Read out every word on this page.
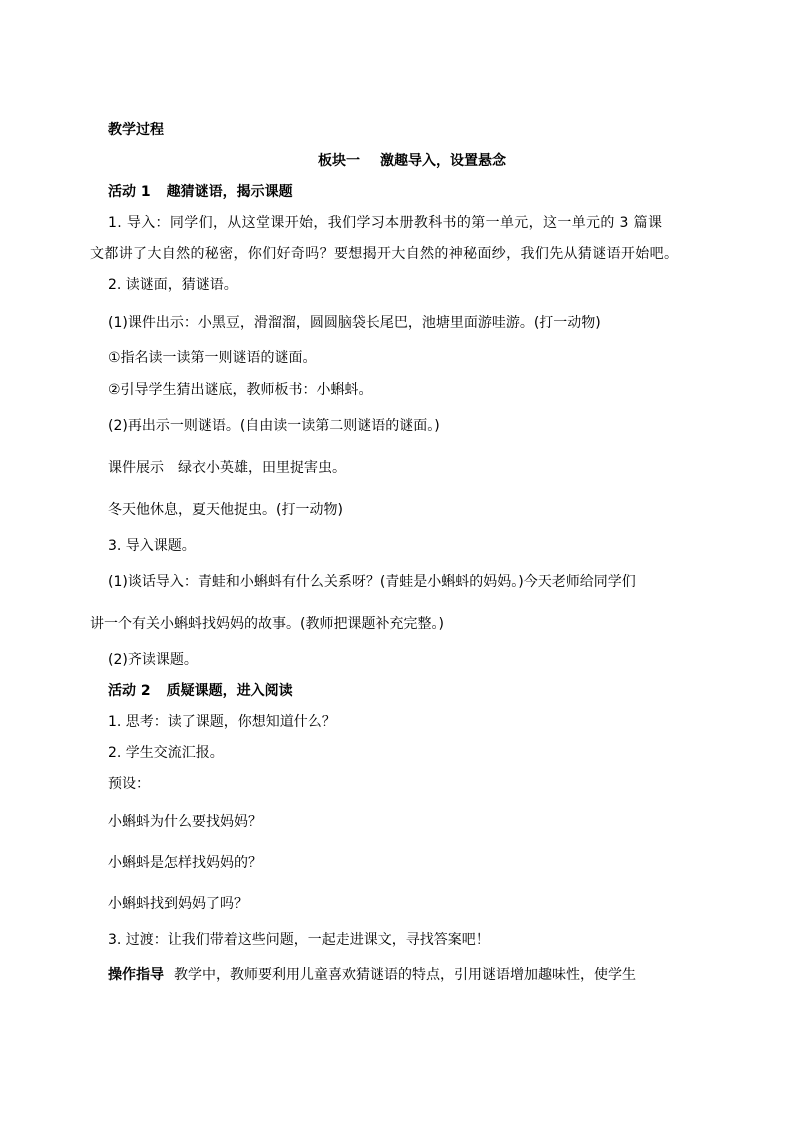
教学过程
板块一 激趣导入，设置悬念
活动 1 趣猜谜语，揭示课题
1. 导入：同学们，从这堂课开始，我们学习本册教科书的第一单元，这一单元的 3 篇课
文都讲了大自然的秘密，你们好奇吗？要想揭开大自然的神秘面纱，我们先从猜谜语开始吧。
2. 读谜面，猜谜语。
(1)课件出示：小黑豆，滑溜溜，圆圆脑袋长尾巴，池塘里面游哇游。(打一动物)
①指名读一读第一则谜语的谜面。
②引导学生猜出谜底，教师板书：小蝌蚪。
(2)再出示一则谜语。(自由读一读第二则谜语的谜面。)
课件展示 绿衣小英雄，田里捉害虫。
冬天他休息，夏天他捉虫。(打一动物)
3. 导入课题。
(1)谈话导入：青蛙和小蝌蚪有什么关系呀？(青蛙是小蝌蚪的妈妈。)今天老师给同学们
讲一个有关小蝌蚪找妈妈的故事。(教师把课题补充完整。)
(2)齐读课题。
活动 2 质疑课题，进入阅读
1. 思考：读了课题，你想知道什么？
2. 学生交流汇报。
预设：
小蝌蚪为什么要找妈妈？
小蝌蚪是怎样找妈妈的？
小蝌蚪找到妈妈了吗？
3. 过渡：让我们带着这些问题，一起走进课文，寻找答案吧！
操作指导 教学中，教师要利用儿童喜欢猜谜语的特点，引用谜语增加趣味性，使学生
